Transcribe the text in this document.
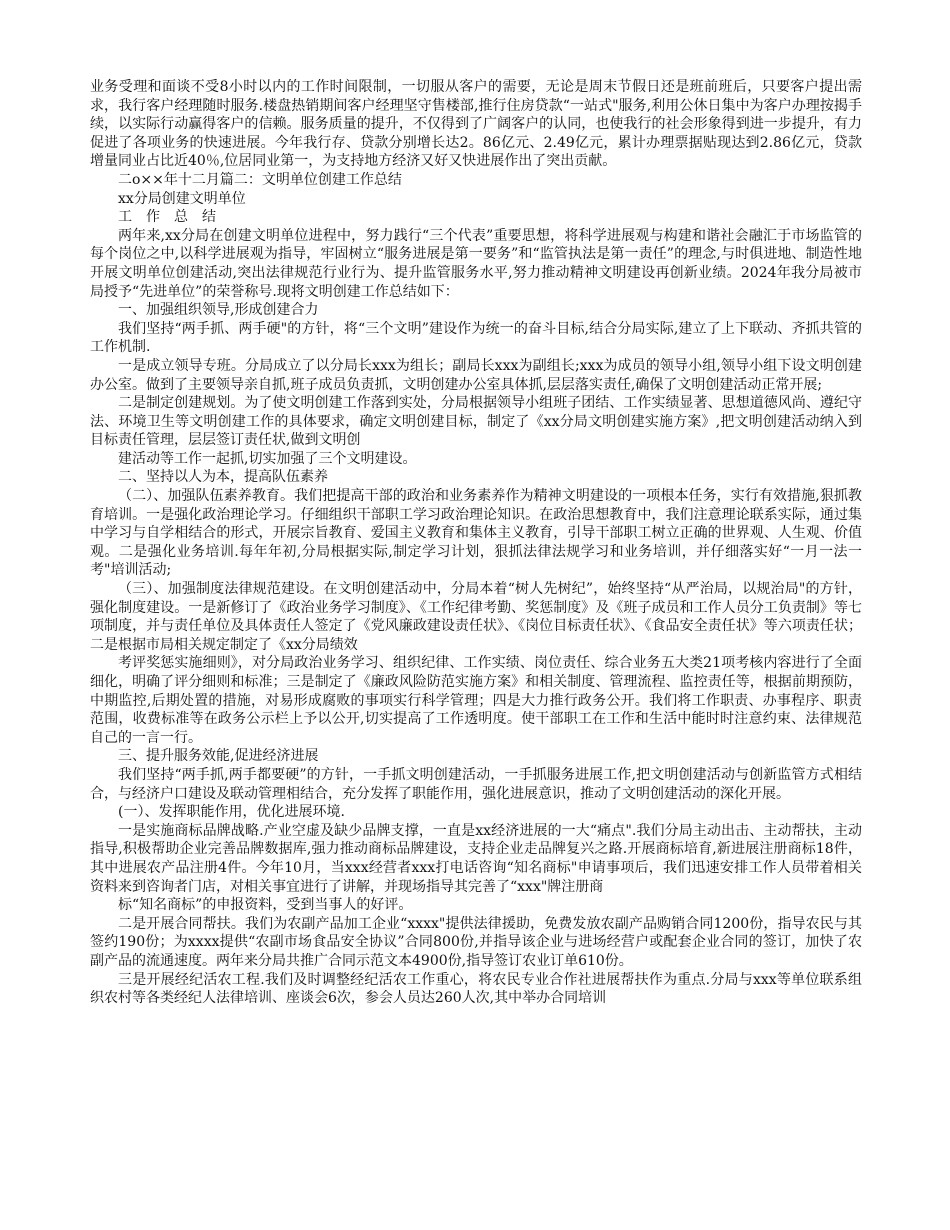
业务受理和面谈不受8小时以内的工作时间限制，一切服从客户的需要，无论是周末节假日还是班前班后，只要客户提出需求，我行客户经理随时服务.楼盘热销期间客户经理坚守售楼部,推行住房贷款“一站式"服务,利用公休日集中为客户办理按揭手续，以实际行动赢得客户的信赖。服务质量的提升，不仅得到了广阔客户的认同，也使我行的社会形象得到进一步提升，有力促进了各项业务的快速进展。今年我行存、贷款分别增长达2。86亿元、2.49亿元，累计办理票据贴现达到2.86亿元，贷款增量同业占比近40％,位居同业第一，为支持地方经济又好又快进展作出了突出贡献。

二o××年十二月篇二：文明单位创建工作总结

xx分局创建文明单位

工　作　总　结

两年来,xx分局在创建文明单位进程中，努力践行“三个代表”重要思想，将科学进展观与构建和谐社会融汇于市场监管的每个岗位之中,以科学进展观为指导，牢固树立“服务进展是第一要务”和“监管执法是第一责任”的理念,与时俱进地、制造性地开展文明单位创建活动,突出法律规范行业行为、提升监管服务水平,努力推动精神文明建设再创新业绩。2024年我分局被市局授予“先进单位”的荣誉称号.现将文明创建工作总结如下：

一、加强组织领导,形成创建合力

我们坚持“两手抓、两手硬"的方针，将“三个文明”建设作为统一的奋斗目标,结合分局实际,建立了上下联动、齐抓共管的工作机制.

一是成立领导专班。分局成立了以分局长xxx为组长；副局长xxx为副组长;xxx为成员的领导小组,领导小组下设文明创建办公室。做到了主要领导亲自抓,班子成员负责抓，文明创建办公室具体抓,层层落实责任,确保了文明创建活动正常开展;

二是制定创建规划。为了使文明创建工作落到实处，分局根据领导小组班子团结、工作实绩显著、思想道德风尚、遵纪守法、环境卫生等文明创建工作的具体要求，确定文明创建目标，制定了《xx分局文明创建实施方案》,把文明创建活动纳入到目标责任管理，层层签订责任状,做到文明创

建活动等工作一起抓,切实加强了三个文明建设。

二、坚持以人为本，提高队伍素养

（二）、加强队伍素养教育。我们把提高干部的政治和业务素养作为精神文明建设的一项根本任务，实行有效措施,狠抓教育培训。一是强化政治理论学习。仔细组织干部职工学习政治理论知识。在政治思想教育中，我们注意理论联系实际，通过集中学习与自学相结合的形式，开展宗旨教育、爱国主义教育和集体主义教育，引导干部职工树立正确的世界观、人生观、价值观。二是强化业务培训.每年年初,分局根据实际,制定学习计划，狠抓法律法规学习和业务培训，并仔细落实好“一月一法一考"培训活动;

（三）、加强制度法律规范建设。在文明创建活动中，分局本着“树人先树纪”，始终坚持“从严治局，以规治局"的方针，强化制度建设。一是新修订了《政治业务学习制度》、《工作纪律考勤、奖惩制度》及《班子成员和工作人员分工负责制》等七项制度，并与责任单位及具体责任人签定了《党风廉政建设责任状》、《岗位目标责任状》、《食品安全责任状》等六项责任状；二是根据市局相关规定制定了《xx分局绩效

考评奖惩实施细则》，对分局政治业务学习、组织纪律、工作实绩、岗位责任、综合业务五大类21项考核内容进行了全面细化，明确了评分细则和标准；三是制定了《廉政风险防范实施方案》和相关制度、管理流程、监控责任等，根据前期预防，中期监控,后期处置的措施，对易形成腐败的事项实行科学管理；四是大力推行政务公开。我们将工作职责、办事程序、职责范围，收费标准等在政务公示栏上予以公开,切实提高了工作透明度。使干部职工在工作和生活中能时时注意约束、法律规范自己的一言一行。

三、提升服务效能,促进经济进展

我们坚持“两手抓,两手都要硬”的方针，一手抓文明创建活动，一手抓服务进展工作,把文明创建活动与创新监管方式相结合，与经济户口建设及联动管理相结合，充分发挥了职能作用，强化进展意识，推动了文明创建活动的深化开展。

(一）、发挥职能作用，优化进展环境.

一是实施商标品牌战略.产业空虚及缺少品牌支撑，一直是xx经济进展的一大“痛点".我们分局主动出击、主动帮扶，主动指导,积极帮助企业完善品牌数据库,强力推动商标品牌建设，支持企业走品牌复兴之路.开展商标培育,新进展注册商标18件，其中进展农产品注册4件。今年10月，当xxx经营者xxx打电话咨询“知名商标"申请事项后，我们迅速安排工作人员带着相关资料来到咨询者门店，对相关事宜进行了讲解，并现场指导其完善了“xxx"牌注册商

标“知名商标”的申报资料，受到当事人的好评。

二是开展合同帮扶。我们为农副产品加工企业“xxxx"提供法律援助，免费发放农副产品购销合同1200份，指导农民与其签约190份；为xxxx提供“农副市场食品安全协议”合同800份,并指导该企业与进场经营户或配套企业合同的签订，加快了农副产品的流通速度。两年来分局共推广合同示范文本4900份,指导签订农业订单610份。

三是开展经纪活农工程.我们及时调整经纪活农工作重心，将农民专业合作社进展帮扶作为重点.分局与xxx等单位联系组织农村等各类经纪人法律培训、座谈会6次，参会人员达260人次,其中举办合同培训
